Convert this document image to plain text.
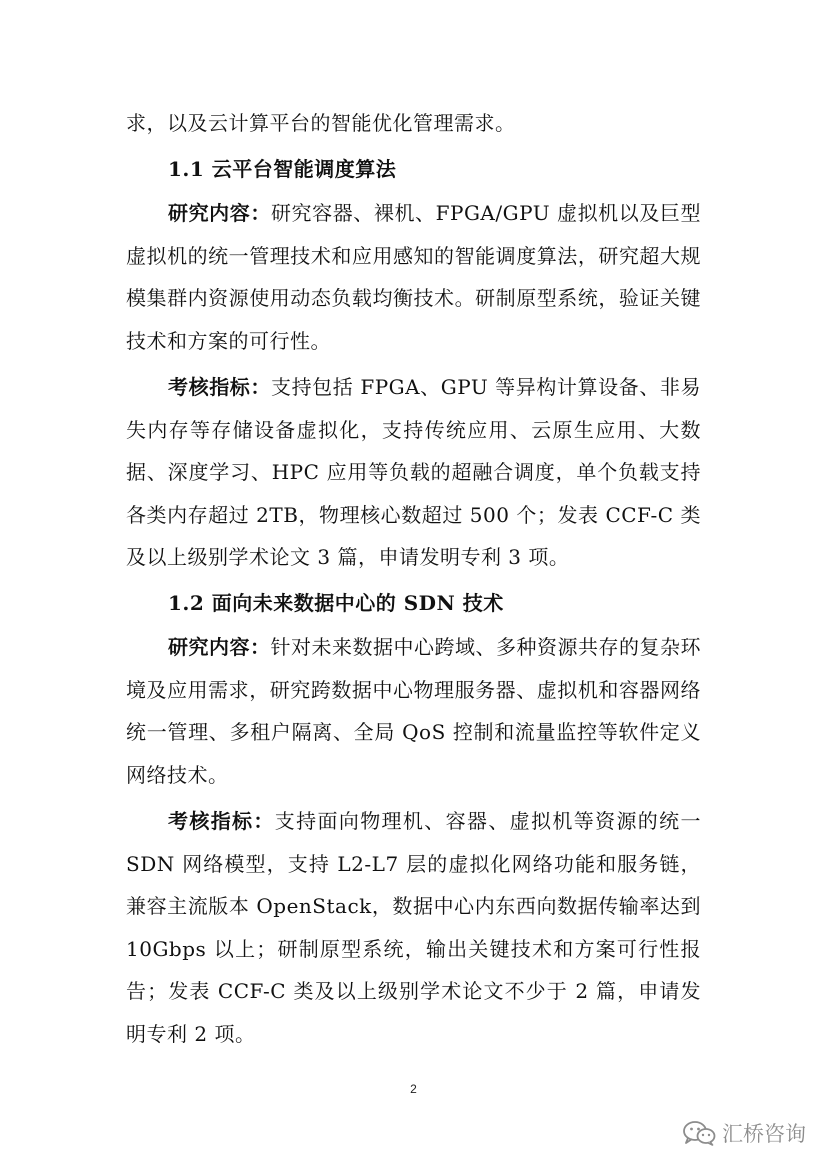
求，以及云计算平台的智能优化管理需求。

1.1 云平台智能调度算法

研究内容：研究容器、裸机、FPGA/GPU 虚拟机以及巨型虚拟机的统一管理技术和应用感知的智能调度算法，研究超大规模集群内资源使用动态负载均衡技术。研制原型系统，验证关键技术和方案的可行性。

考核指标：支持包括 FPGA、GPU 等异构计算设备、非易失内存等存储设备虚拟化，支持传统应用、云原生应用、大数据、深度学习、HPC 应用等负载的超融合调度，单个负载支持各类内存超过 2TB，物理核心数超过 500 个；发表 CCF-C 类及以上级别学术论文 3 篇，申请发明专利 3 项。

1.2 面向未来数据中心的 SDN 技术

研究内容：针对未来数据中心跨域、多种资源共存的复杂环境及应用需求，研究跨数据中心物理服务器、虚拟机和容器网络统一管理、多租户隔离、全局 QoS 控制和流量监控等软件定义网络技术。

考核指标：支持面向物理机、容器、虚拟机等资源的统一 SDN 网络模型，支持 L2-L7 层的虚拟化网络功能和服务链，兼容主流版本 OpenStack，数据中心内东西向数据传输率达到 10Gbps 以上；研制原型系统，输出关键技术和方案可行性报告；发表 CCF-C 类及以上级别学术论文不少于 2 篇，申请发明专利 2 项。

2
汇桥咨询
